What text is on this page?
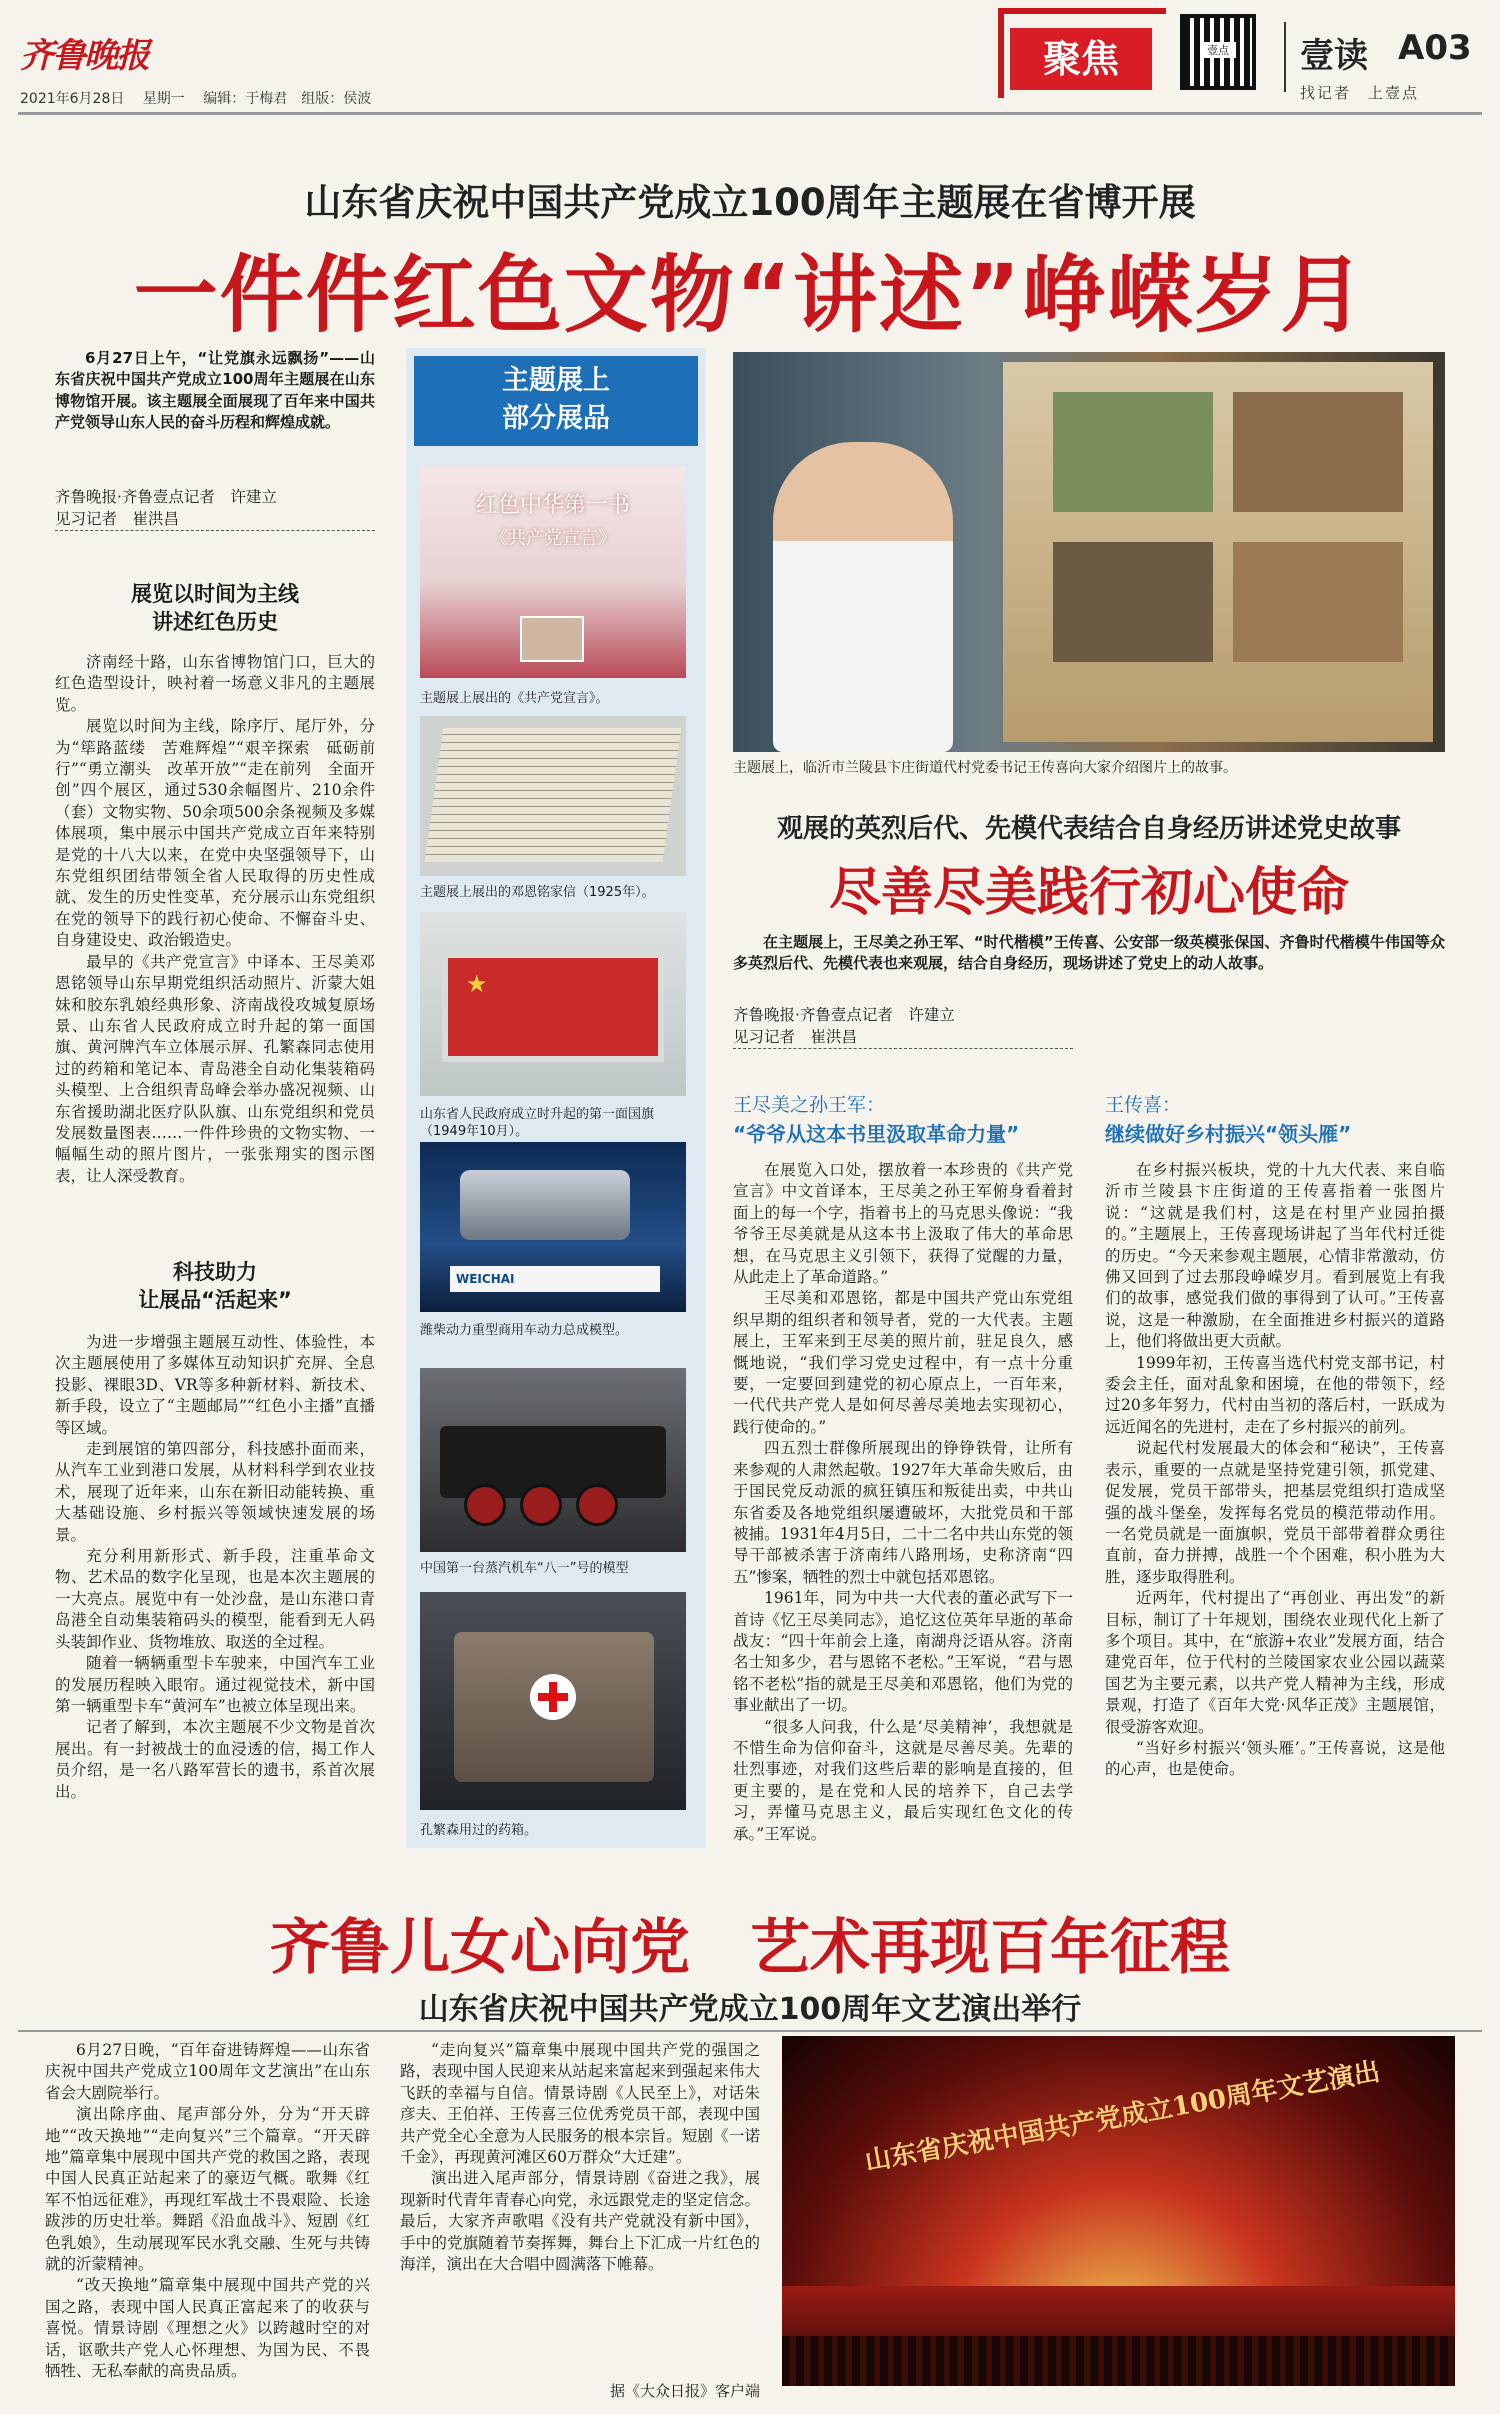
齐鲁晚报
2021年6月28日 星期一 编辑：于梅君　组版：侯波
聚焦	壹点 壹读 A03
找记者　上壹点
山东省庆祝中国共产党成立100周年主题展在省博开展
一件件红色文物“讲述”峥嵘岁月

6月27日上午，“让党旗永远飘扬”——山东省庆祝中国共产党成立100周年主题展在山东博物馆开展。该主题展全面展现了百年来中国共产党领导山东人民的奋斗历程和辉煌成就。

齐鲁晚报·齐鲁壹点记者　许建立
见习记者　崔洪昌
展览以时间为主线
讲述红色历史

济南经十路，山东省博物馆门口，巨大的红色造型设计，映衬着一场意义非凡的主题展览。

展览以时间为主线，除序厅、尾厅外，分为“筚路蓝缕　苦难辉煌”“艰辛探索　砥砺前行”“勇立潮头　改革开放”“走在前列　全面开创”四个展区，通过530余幅图片、210余件（套）文物实物、50余项500余条视频及多媒体展项，集中展示中国共产党成立百年来特别是党的十八大以来，在党中央坚强领导下，山东党组织团结带领全省人民取得的历史性成就、发生的历史性变革，充分展示山东党组织在党的领导下的践行初心使命、不懈奋斗史、自身建设史、政治锻造史。

最早的《共产党宣言》中译本、王尽美邓恩铭领导山东早期党组织活动照片、沂蒙大姐妹和胶东乳娘经典形象、济南战役攻城复原场景、山东省人民政府成立时升起的第一面国旗、黄河牌汽车立体展示屏、孔繁森同志使用过的药箱和笔记本、青岛港全自动化集装箱码头模型、上合组织青岛峰会举办盛况视频、山东省援助湖北医疗队队旗、山东党组织和党员发展数量图表……一件件珍贵的文物实物、一幅幅生动的照片图片，一张张翔实的图示图表，让人深受教育。

科技助力
让展品“活起来”

为进一步增强主题展互动性、体验性，本次主题展使用了多媒体互动知识扩充屏、全息投影、裸眼3D、VR等多种新材料、新技术、新手段，设立了“主题邮局”“红色小主播”直播等区域。

走到展馆的第四部分，科技感扑面而来，从汽车工业到港口发展，从材料科学到农业技术，展现了近年来，山东在新旧动能转换、重大基础设施、乡村振兴等领域快速发展的场景。

充分利用新形式、新手段，注重革命文物、艺术品的数字化呈现，也是本次主题展的一大亮点。展览中有一处沙盘，是山东港口青岛港全自动集装箱码头的模型，能看到无人码头装卸作业、货物堆放、取送的全过程。

随着一辆辆重型卡车驶来，中国汽车工业的发展历程映入眼帘。通过视觉技术，新中国第一辆重型卡车“黄河车”也被立体呈现出来。

记者了解到，本次主题展不少文物是首次展出。有一封被战士的血浸透的信，揭工作人员介绍，是一名八路军营长的遗书，系首次展出。

主题展上
部分展品
红色中华第一书
《共产党宣言》
主题展上展出的《共产党宣言》。
主题展上展出的邓恩铭家信（1925年）。
★
山东省人民政府成立时升起的第一面国旗（1949年10月）。
WEICHAI
潍柴动力重型商用车动力总成模型。
中国第一台蒸汽机车“八一”号的模型
孔繁森用过的药箱。
主题展上，临沂市兰陵县卞庄街道代村党委书记王传喜向大家介绍图片上的故事。
观展的英烈后代、先模代表结合自身经历讲述党史故事
尽善尽美践行初心使命

在主题展上，王尽美之孙王军、“时代楷模”王传喜、公安部一级英模张保国、齐鲁时代楷模牛伟国等众多英烈后代、先模代表也来观展，结合自身经历，现场讲述了党史上的动人故事。

齐鲁晚报·齐鲁壹点记者　许建立
见习记者　崔洪昌
王尽美之孙王军：
“爷爷从这本书里汲取革命力量”

在展览入口处，摆放着一本珍贵的《共产党宣言》中文首译本，王尽美之孙王军俯身看着封面上的每一个字，指着书上的马克思头像说：“我爷爷王尽美就是从这本书上汲取了伟大的革命思想，在马克思主义引领下，获得了觉醒的力量，从此走上了革命道路。”

王尽美和邓恩铭，都是中国共产党山东党组织早期的组织者和领导者，党的一大代表。主题展上，王军来到王尽美的照片前，驻足良久，感慨地说，“我们学习党史过程中，有一点十分重要，一定要回到建党的初心原点上，一百年来，一代代共产党人是如何尽善尽美地去实现初心，践行使命的。”

四五烈士群像所展现出的铮铮铁骨，让所有来参观的人肃然起敬。1927年大革命失败后，由于国民党反动派的疯狂镇压和叛徒出卖，中共山东省委及各地党组织屡遭破坏，大批党员和干部被捕。1931年4月5日，二十二名中共山东党的领导干部被杀害于济南纬八路刑场，史称济南“四五”惨案，牺牲的烈士中就包括邓恩铭。

1961年，同为中共一大代表的董必武写下一首诗《忆王尽美同志》，追忆这位英年早逝的革命战友：“四十年前会上逢，南湖舟泛语从容。济南名士知多少，君与恩铭不老松。”王军说，“君与恩铭不老松”指的就是王尽美和邓恩铭，他们为党的事业献出了一切。

“很多人问我，什么是‘尽美精神’，我想就是不惜生命为信仰奋斗，这就是尽善尽美。先辈的壮烈事迹，对我们这些后辈的影响是直接的，但更主要的，是在党和人民的培养下，自己去学习，弄懂马克思主义，最后实现红色文化的传承。”王军说。

王传喜：
继续做好乡村振兴“领头雁”

在乡村振兴板块，党的十九大代表、来自临沂市兰陵县卞庄街道的王传喜指着一张图片说：“这就是我们村，这是在村里产业园拍摄的。”主题展上，王传喜现场讲起了当年代村迁徙的历史。“今天来参观主题展，心情非常激动，仿佛又回到了过去那段峥嵘岁月。看到展览上有我们的故事，感觉我们做的事得到了认可。”王传喜说，这是一种激励，在全面推进乡村振兴的道路上，他们将做出更大贡献。

1999年初，王传喜当选代村党支部书记，村委会主任，面对乱象和困境，在他的带领下，经过20多年努力，代村由当初的落后村，一跃成为远近闻名的先进村，走在了乡村振兴的前列。

说起代村发展最大的体会和“秘诀”，王传喜表示，重要的一点就是坚持党建引领，抓党建、促发展，党员干部带头，把基层党组织打造成坚强的战斗堡垒，发挥每名党员的模范带动作用。一名党员就是一面旗帜，党员干部带着群众勇往直前，奋力拼搏，战胜一个个困难，积小胜为大胜，逐步取得胜利。

近两年，代村提出了“再创业、再出发”的新目标，制订了十年规划，围绕农业现代化上新了多个项目。其中，在“旅游+农业”发展方面，结合建党百年，位于代村的兰陵国家农业公园以蔬菜国艺为主要元素，以共产党人精神为主线，形成景观，打造了《百年大党·风华正茂》主题展馆，很受游客欢迎。

“当好乡村振兴‘领头雁’。”王传喜说，这是他的心声，也是使命。

齐鲁儿女心向党　艺术再现百年征程
山东省庆祝中国共产党成立100周年文艺演出举行

6月27日晚，“百年奋进铸辉煌——山东省庆祝中国共产党成立100周年文艺演出”在山东省会大剧院举行。

演出除序曲、尾声部分外，分为“开天辟地”“改天换地”“走向复兴”三个篇章。“开天辟地”篇章集中展现中国共产党的救国之路，表现中国人民真正站起来了的豪迈气概。歌舞《红军不怕远征难》，再现红军战士不畏艰险、长途跋涉的历史壮举。舞蹈《沿血战斗》、短剧《红色乳娘》，生动展现军民水乳交融、生死与共铸就的沂蒙精神。

“改天换地”篇章集中展现中国共产党的兴国之路，表现中国人民真正富起来了的收获与喜悦。情景诗剧《理想之火》以跨越时空的对话，讴歌共产党人心怀理想、为国为民、不畏牺牲、无私奉献的高贵品质。

“走向复兴”篇章集中展现中国共产党的强国之路，表现中国人民迎来从站起来富起来到强起来伟大飞跃的幸福与自信。情景诗剧《人民至上》，对话朱彦夫、王伯祥、王传喜三位优秀党员干部，表现中国共产党全心全意为人民服务的根本宗旨。短剧《一诺千金》，再现黄河滩区60万群众“大迁建”。

演出进入尾声部分，情景诗剧《奋进之我》，展现新时代青年青春心向党，永远跟党走的坚定信念。最后，大家齐声歌唱《没有共产党就没有新中国》，手中的党旗随着节奏挥舞，舞台上下汇成一片红色的海洋，演出在大合唱中圆满落下帷幕。

据《大众日报》客户端
山东省庆祝中国共产党成立100周年文艺演出
